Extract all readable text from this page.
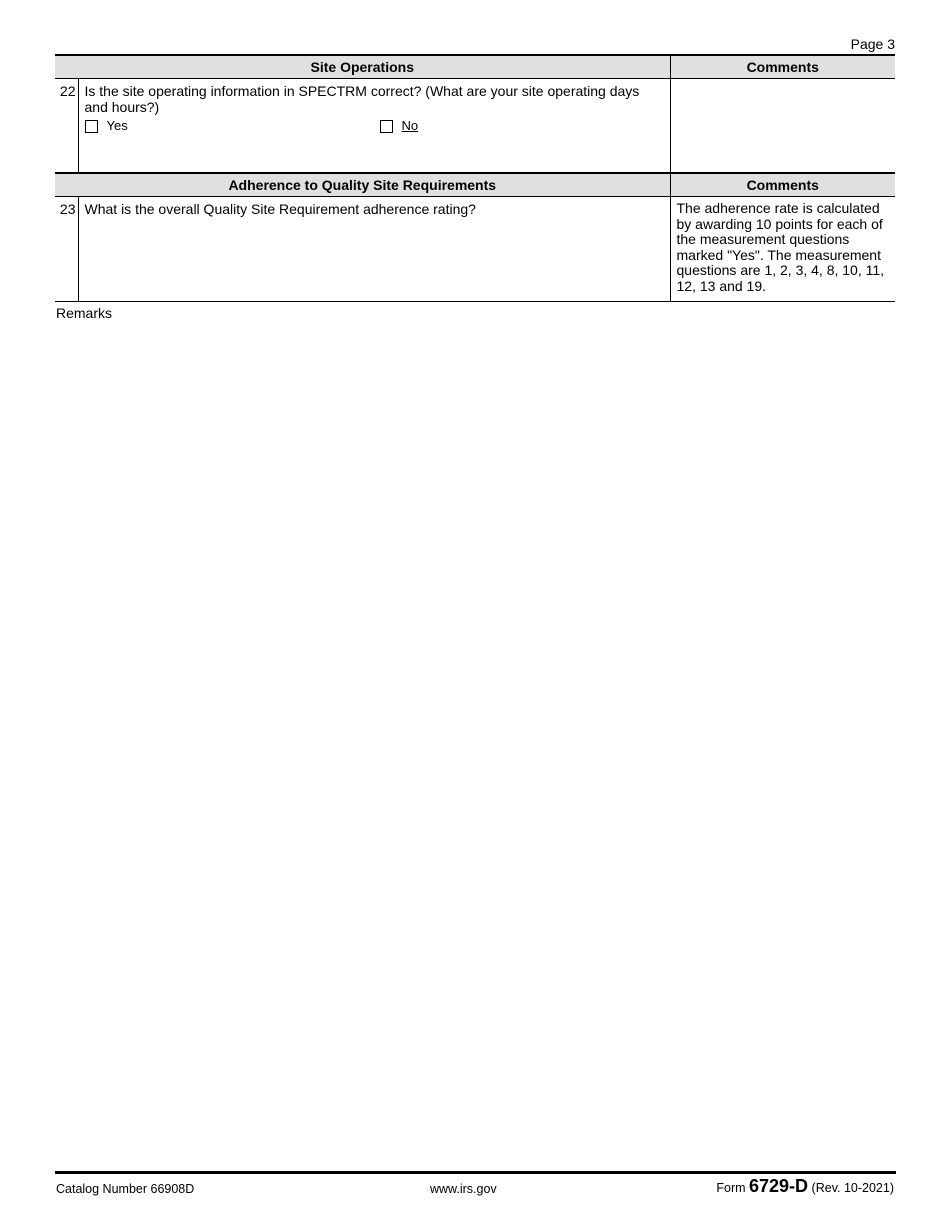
Page 3
Site Operations		Comments
22	Is the site operating information in SPECTRM correct? (What are your site operating days and hours?)
Yes No	

Adherence to Quality Site Requirements		Comments
23	What is the overall Quality Site Requirement adherence rating?	The adherence rate is calculated by awarding 10 points for each of the measurement questions marked "Yes". The measurement questions are 1, 2, 3, 4, 8, 10, 11, 12, 13 and 19.
Remarks
Catalog Number 66908D	www.irs.gov	Form 6729-D (Rev. 10-2021)
